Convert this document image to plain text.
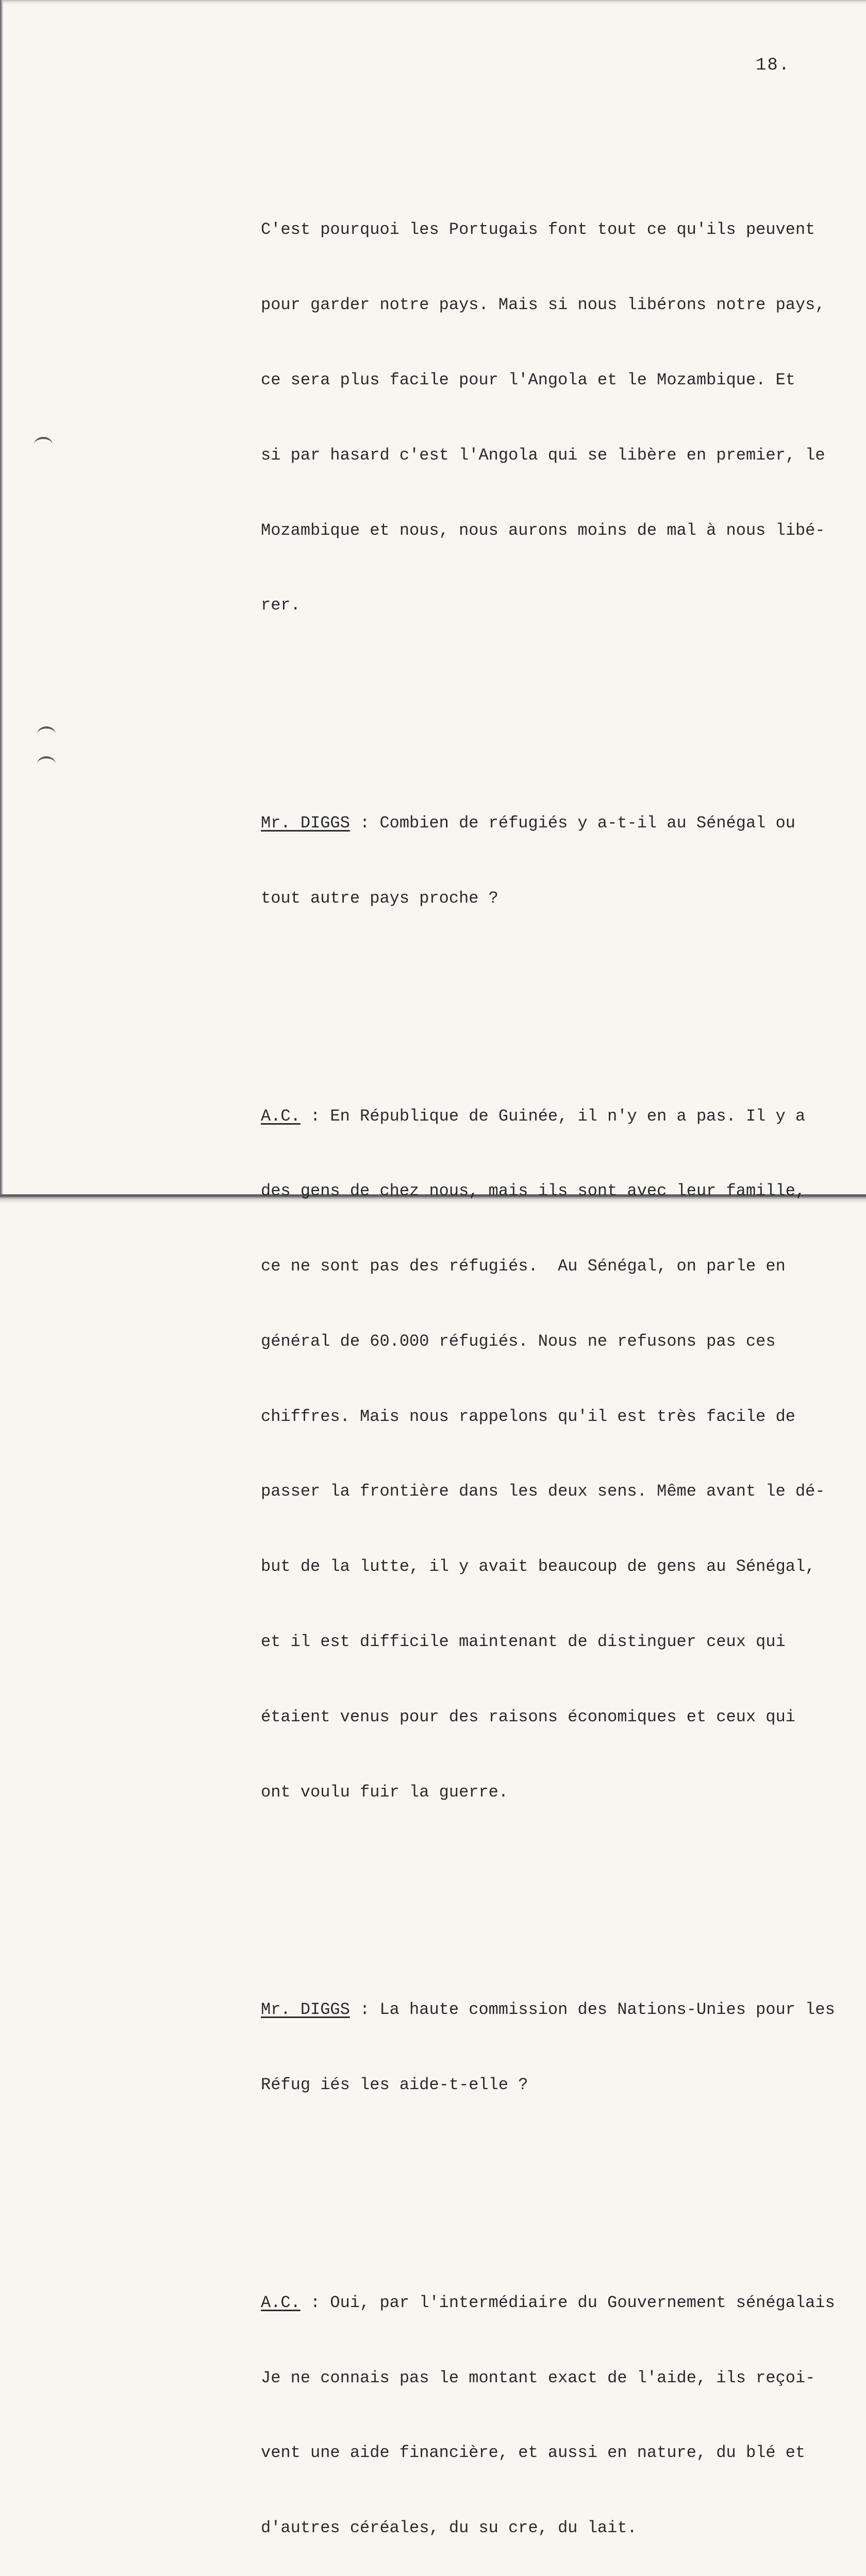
18.

C'est pourquoi les Portugais font tout ce qu'ils peuvent

pour garder notre pays. Mais si nous libérons notre pays,

ce sera plus facile pour l'Angola et le Mozambique. Et

si par hasard c'est l'Angola qui se libère en premier, le

Mozambique et nous, nous aurons moins de mal à nous libé-

rer.

Mr. DIGGS : Combien de réfugiés y a-t-il au Sénégal ou

tout autre pays proche ?

A.C. : En République de Guinée, il n'y en a pas. Il y a

des gens de chez nous, mais ils sont avec leur famille,

ce ne sont pas des réfugiés.  Au Sénégal, on parle en

général de 60.000 réfugiés. Nous ne refusons pas ces

chiffres. Mais nous rappelons qu'il est très facile de

passer la frontière dans les deux sens. Même avant le dé-

but de la lutte, il y avait beaucoup de gens au Sénégal,

et il est difficile maintenant de distinguer ceux qui

étaient venus pour des raisons économiques et ceux qui

ont voulu fuir la guerre.

Mr. DIGGS : La haute commission des Nations-Unies pour les

Réfug iés les aide-t-elle ?

A.C. : Oui, par l'intermédiaire du Gouvernement sénégalais

Je ne connais pas le montant exact de l'aide, ils reçoi-

vent une aide financière, et aussi en nature, du blé et

d'autres céréales, du su cre, du lait.
